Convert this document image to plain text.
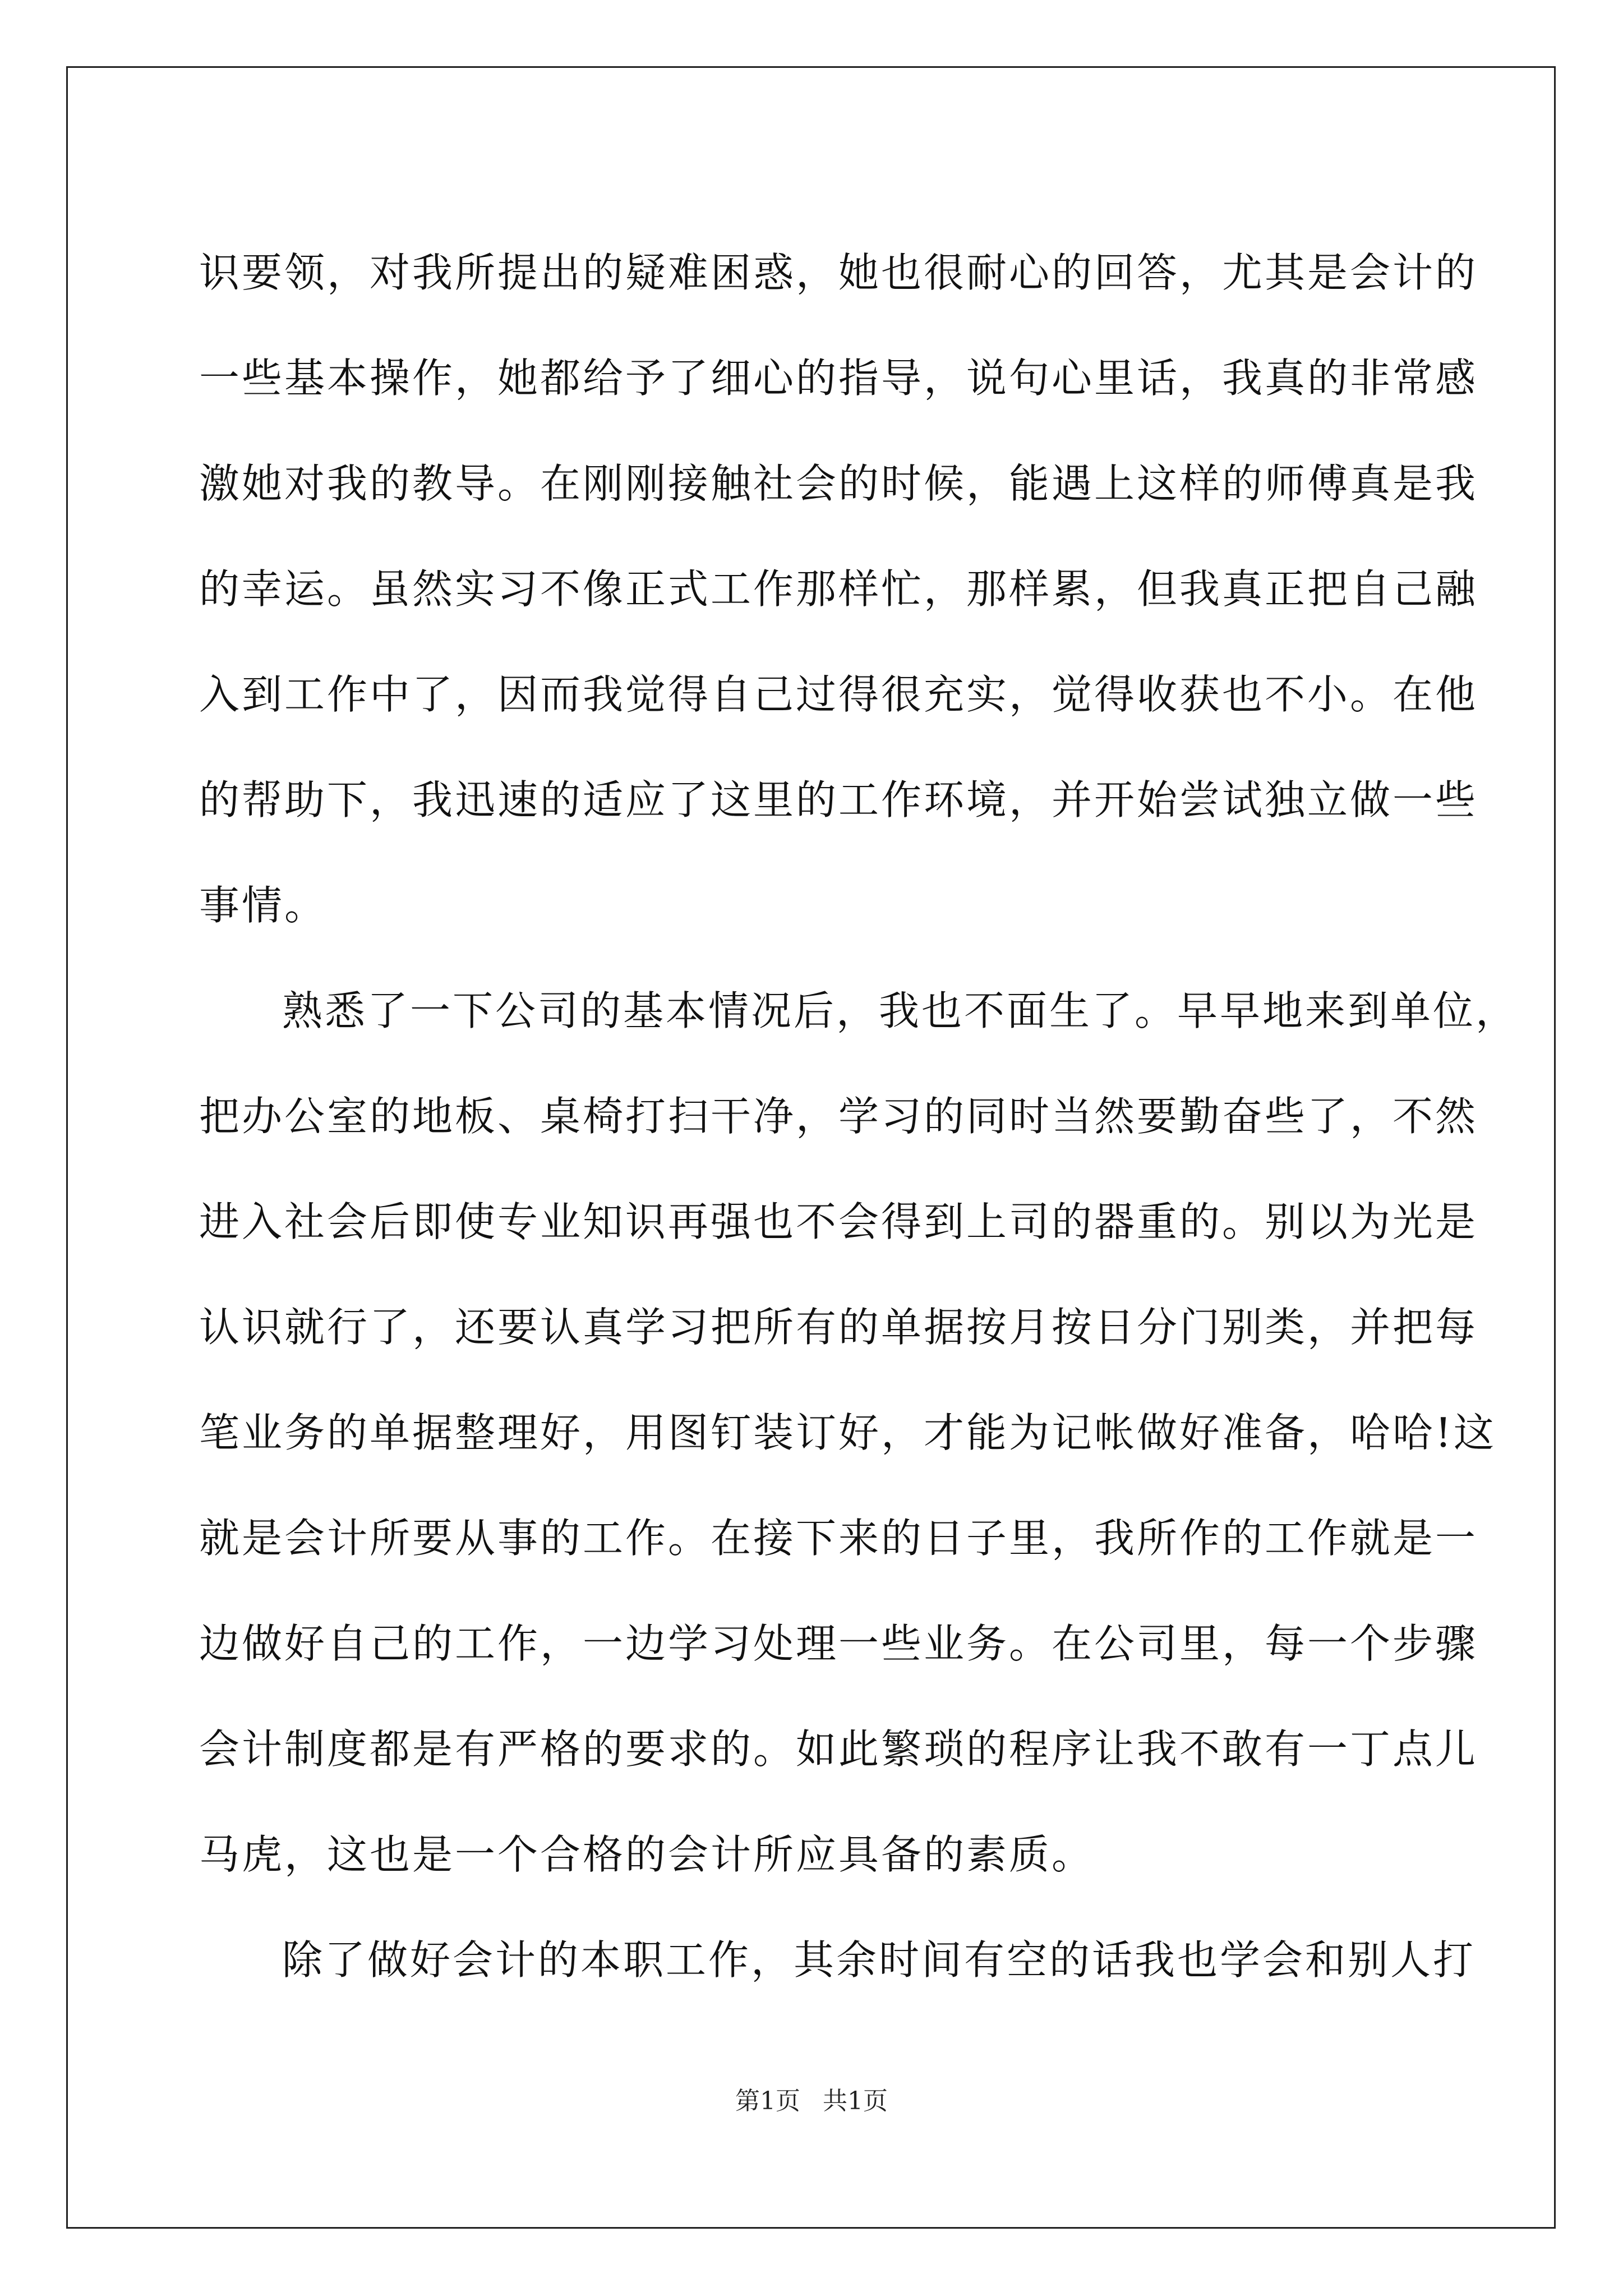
识要领，对我所提出的疑难困惑，她也很耐心的回答，尤其是会计的
一些基本操作，她都给予了细心的指导，说句心里话，我真的非常感
激她对我的教导。在刚刚接触社会的时候，能遇上这样的师傅真是我
的幸运。虽然实习不像正式工作那样忙，那样累，但我真正把自己融
入到工作中了，因而我觉得自己过得很充实，觉得收获也不小。在他
的帮助下，我迅速的适应了这里的工作环境，并开始尝试独立做一些
事情。
熟悉了一下公司的基本情况后，我也不面生了。早早地来到单位，
把办公室的地板、桌椅打扫干净，学习的同时当然要勤奋些了，不然
进入社会后即使专业知识再强也不会得到上司的器重的。别以为光是
认识就行了，还要认真学习把所有的单据按月按日分门别类，并把每
笔业务的单据整理好，用图钉装订好，才能为记帐做好准备，哈哈!这
就是会计所要从事的工作。在接下来的日子里，我所作的工作就是一
边做好自己的工作，一边学习处理一些业务。在公司里，每一个步骤
会计制度都是有严格的要求的。如此繁琐的程序让我不敢有一丁点儿
马虎，这也是一个合格的会计所应具备的素质。
除了做好会计的本职工作，其余时间有空的话我也学会和别人打
第1页 共1页
